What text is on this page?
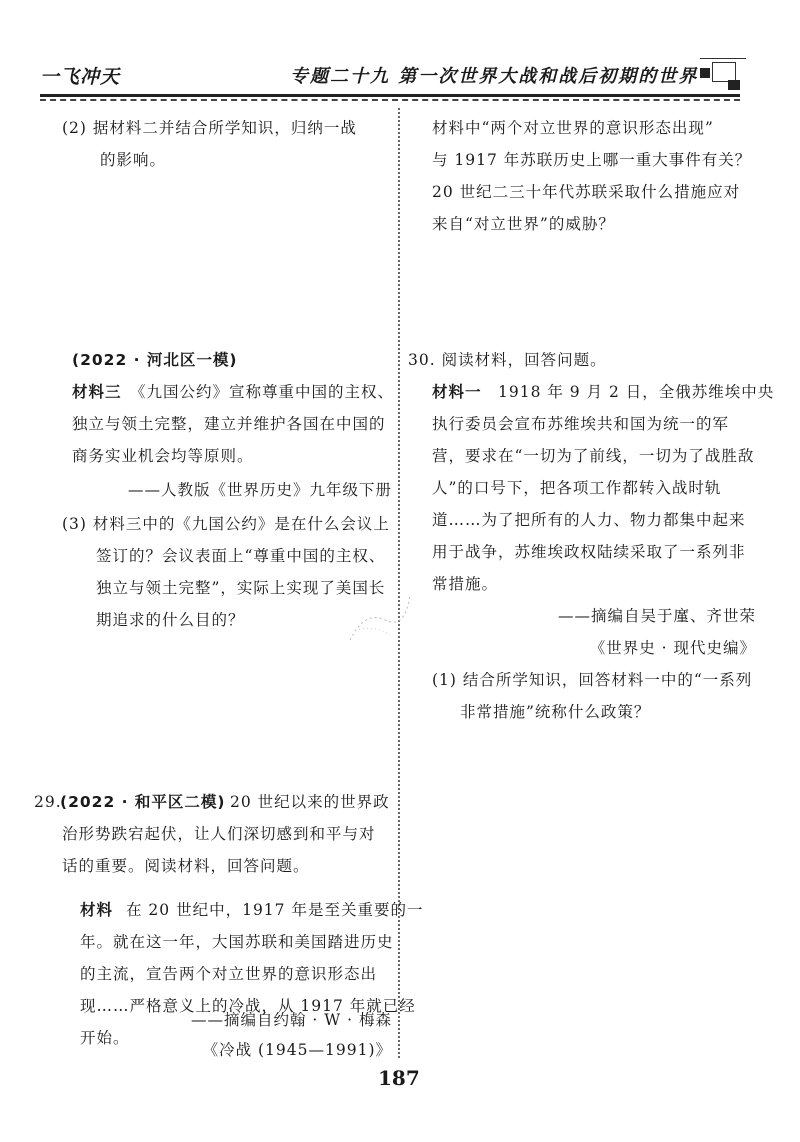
一飞冲天	专题二十九 第一次世界大战和战后初期的世界
(2) 据材料二并结合所学知识，归纳一战
的影响。
(2022 · 河北区一模)
材料三 《九国公约》宣称尊重中国的主权、
独立与领土完整，建立并维护各国在中国的
商务实业机会均等原则。
——人教版《世界历史》九年级下册
(3) 材料三中的《九国公约》是在什么会议上
签订的？会议表面上“尊重中国的主权、
独立与领土完整”，实际上实现了美国长
期追求的什么目的？
29.
(2022 · 和平区二模) 20 世纪以来的世界政
治形势跌宕起伏，让人们深切感到和平与对
话的重要。阅读材料，回答问题。
材料 在 20 世纪中，1917 年是至关重要的一
年。就在这一年，大国苏联和美国踏进历史
的主流，宣告两个对立世界的意识形态出
现……严格意义上的冷战，从 1917 年就已经
开始。
材料中“两个对立世界的意识形态出现”
与 1917 年苏联历史上哪一重大事件有关？
20 世纪二三十年代苏联采取什么措施应对
来自“对立世界”的威胁？
30. 阅读材料，回答问题。
材料一 1918 年 9 月 2 日，全俄苏维埃中央
执行委员会宣布苏维埃共和国为统一的军
营，要求在“一切为了前线，一切为了战胜敌
人”的口号下，把各项工作都转入战时轨
道……为了把所有的人力、物力都集中起来
用于战争，苏维埃政权陆续采取了一系列非
常措施。
——摘编自吴于廑、齐世荣
《世界史 · 现代史编》
(1) 结合所学知识，回答材料一中的“一系列
非常措施”统称什么政策？
187
——摘编自约翰 · W · 梅森
《冷战 (1945—1991)》
